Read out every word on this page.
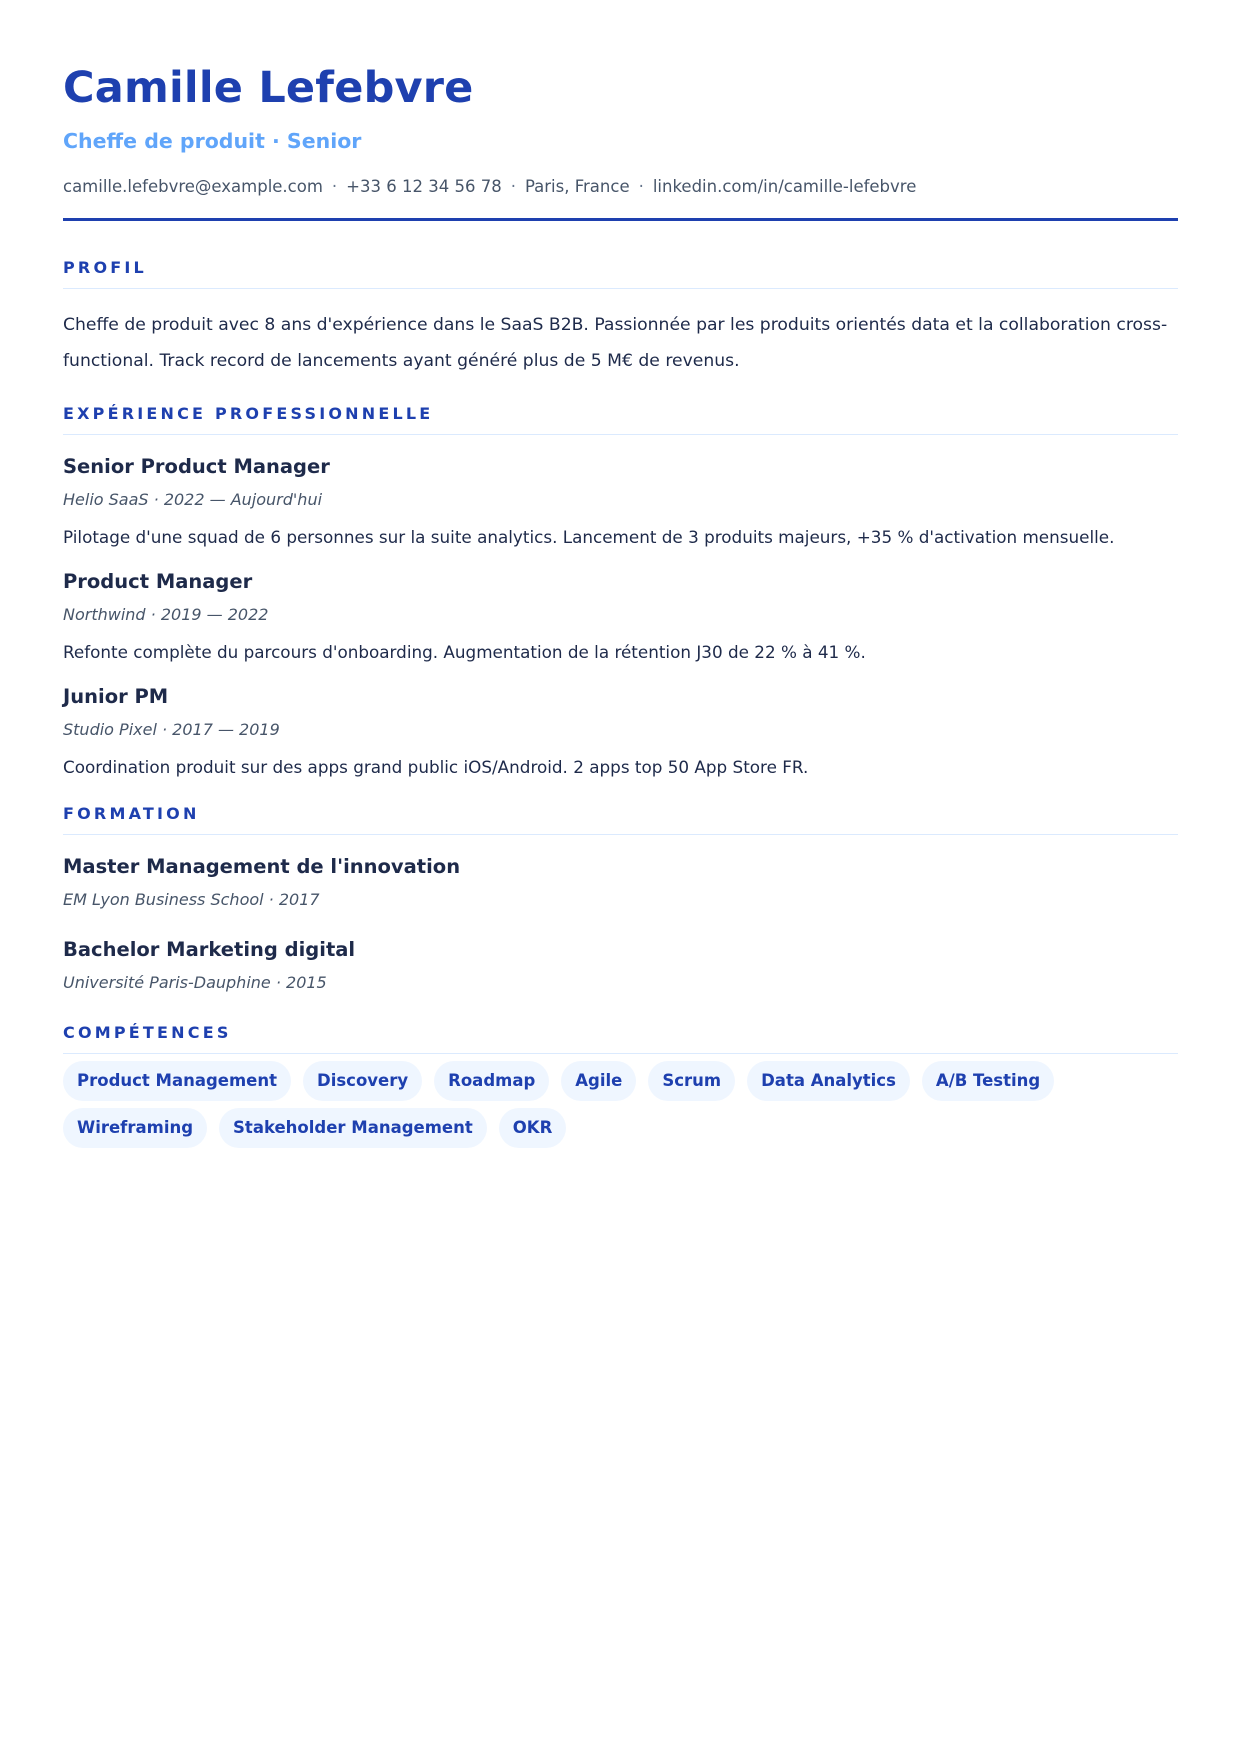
Camille Lefebvre
Cheffe de produit · Senior
camille.lefebvre@example.com · +33 6 12 34 56 78 · Paris, France · linkedin.com/in/camille-lefebvre
PROFIL

Cheffe de produit avec 8 ans d'expérience dans le SaaS B2B. Passionnée par les produits orientés data et la collaboration cross-functional. Track record de lancements ayant généré plus de 5 M€ de revenus.

EXPÉRIENCE PROFESSIONNELLE
Senior Product Manager
Helio SaaS · 2022 — Aujourd'hui
Pilotage d'une squad de 6 personnes sur la suite analytics. Lancement de 3 produits majeurs, +35 % d'activation mensuelle.
Product Manager
Northwind · 2019 — 2022
Refonte complète du parcours d'onboarding. Augmentation de la rétention J30 de 22 % à 41 %.
Junior PM
Studio Pixel · 2017 — 2019
Coordination produit sur des apps grand public iOS/Android. 2 apps top 50 App Store FR.
FORMATION
Master Management de l'innovation
EM Lyon Business School · 2017
Bachelor Marketing digital
Université Paris-Dauphine · 2015
COMPÉTENCES
Product Management	Discovery	Roadmap	Agile	Scrum	Data Analytics	A/B Testing
Wireframing	Stakeholder Management	OKR
